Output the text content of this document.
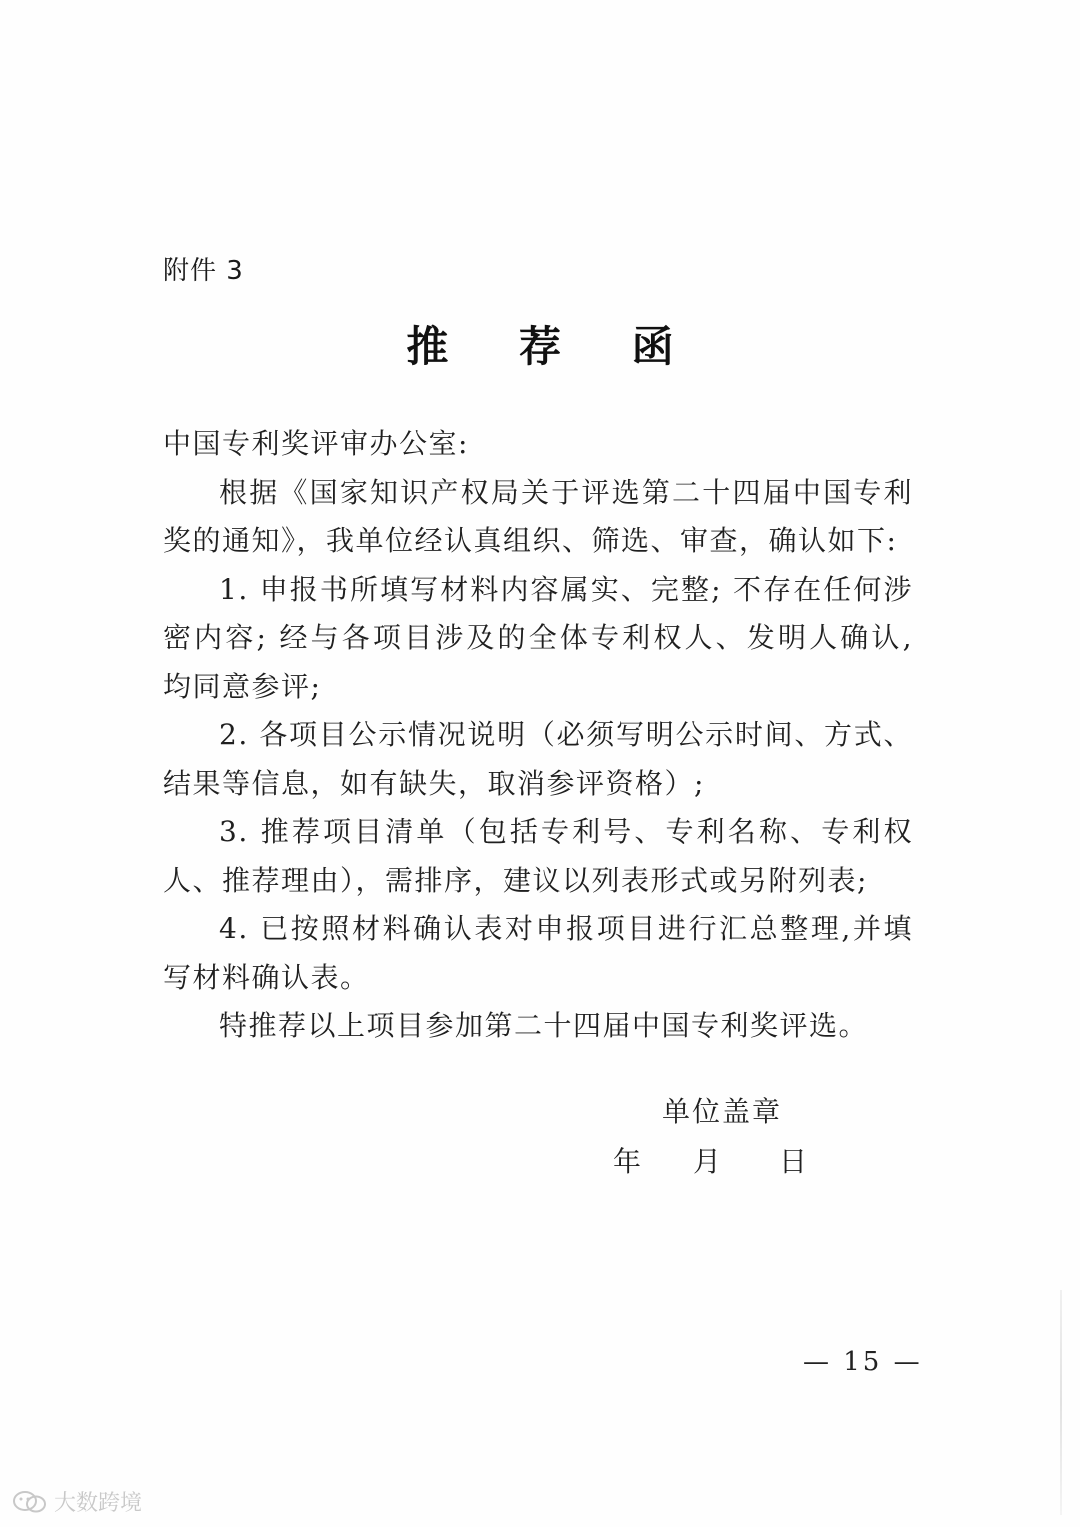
附件 3
推 荐 函

中国专利奖评审办公室:

根据《国家知识产权局关于评选第二十四届中国专利奖的通知》，我单位经认真组织、筛选、审查，确认如下:

1. 申报书所填写材料内容属实、完整; 不存在任何涉密内容; 经与各项目涉及的全体专利权人、发明人确认, 均同意参评;

2. 各项目公示情况说明（必须写明公示时间、方式、结果等信息，如有缺失，取消参评资格）;

3. 推荐项目清单（包括专利号、专利名称、专利权人、推荐理由），需排序，建议以列表形式或另附列表;

4. 已按照材料确认表对申报项目进行汇总整理,并填写材料确认表。

特推荐以上项目参加第二十四届中国专利奖评选。

单位盖章
年	月	日
— 15 —
大数跨境
